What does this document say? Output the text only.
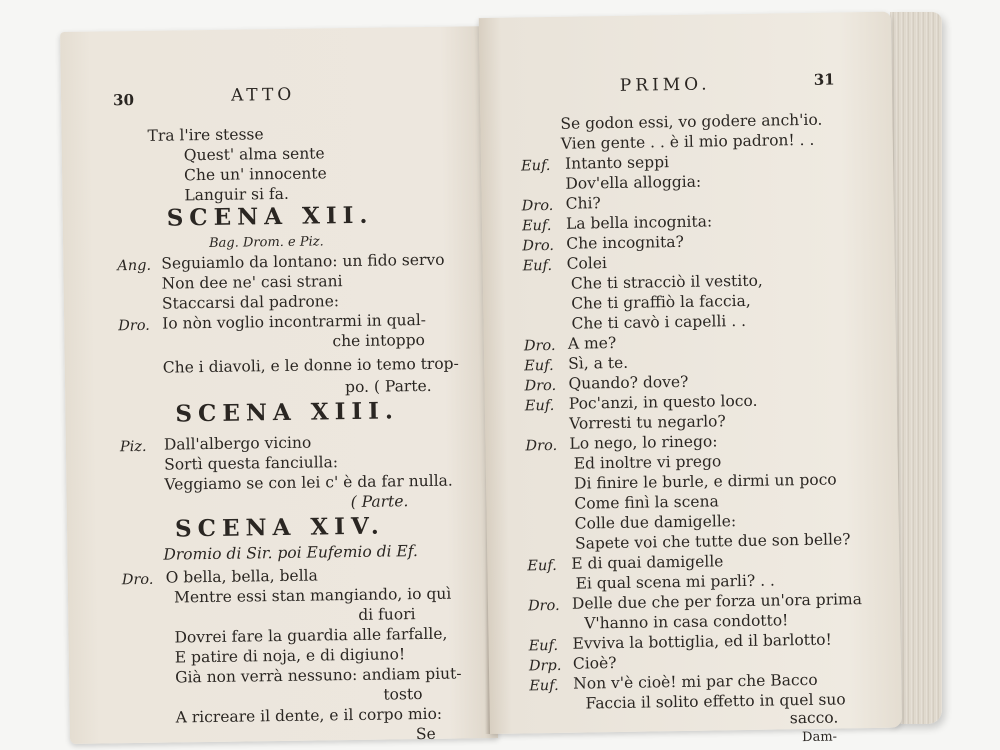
30	ATTO
Tra l'ire stesse
Quest' alma sente
Che un' innocente
Languir si fa.
SCENA XII.
Bag. Drom. e Piz.
Ang. Seguiamlo da lontano: un fido servo
Non dee ne' casi strani
Staccarsi dal padrone:
Dro. Io nòn voglio incontrarmi in qual-
che intoppo
Che i diavoli, e le donne io temo trop-
po. ( Parte.
SCENA XIII.
Piz. Dall'albergo vicino
Sortì questa fanciulla:
Veggiamo se con lei c' è da far nulla.
( Parte.
SCENA XIV.
Dromio di Sir. poi Eufemio di Ef.
Dro. O bella, bella, bella
Mentre essi stan mangiando, io quì
di fuori
Dovrei fare la guardia alle farfalle,
E patire di noja, e di digiuno!
Già non verrà nessuno: andiam piut-
tosto
A ricreare il dente, e il corpo mio:
Se
PRIMO.	31
Se godon essi, vo godere anch'io.
Vien gente . . è il mio padron! . .
Euf. Intanto seppi
Dov'ella alloggia:
Dro. Chi?
Euf. La bella incognita:
Dro. Che incognita?
Euf. Colei
Che ti stracciò il vestito,
Che ti graffiò la faccia,
Che ti cavò i capelli . .
Dro. A me?
Euf. Sì, a te.
Dro. Quando? dove?
Euf. Poc'anzi, in questo loco.
Vorresti tu negarlo?
Dro. Lo nego, lo rinego:
Ed inoltre vi prego
Di finire le burle, e dirmi un poco
Come finì la scena
Colle due damigelle:
Sapete voi che tutte due son belle?
Euf. E di quai damigelle
Ei qual scena mi parli? . .
Dro. Delle due che per forza un'ora prima
V'hanno in casa condotto!
Euf. Evviva la bottiglia, ed il barlotto!
Drp. Cioè?
Euf. Non v'è cioè! mi par che Bacco
Faccia il solito effetto in quel suo
sacco.
Dam-
